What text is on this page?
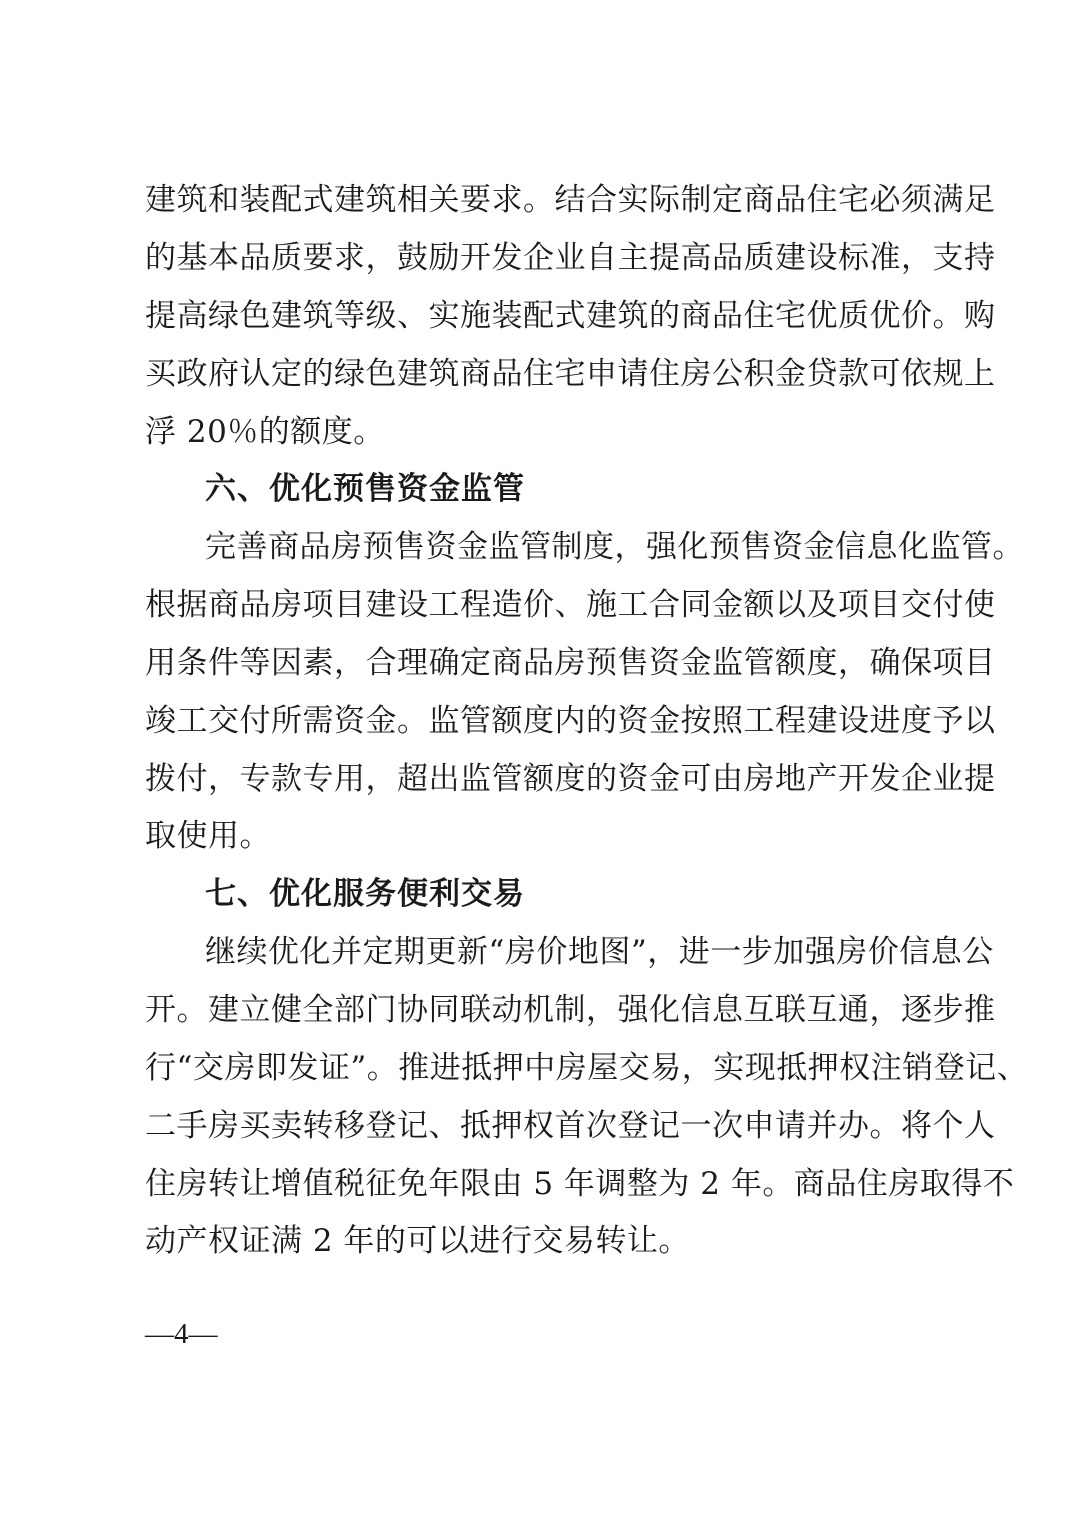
建筑和装配式建筑相关要求。结合实际制定商品住宅必须满足
的基本品质要求，鼓励开发企业自主提高品质建设标准，支持
提高绿色建筑等级、实施装配式建筑的商品住宅优质优价。购
买政府认定的绿色建筑商品住宅申请住房公积金贷款可依规上
浮 20％的额度。
六、优化预售资金监管
完善商品房预售资金监管制度，强化预售资金信息化监管。
根据商品房项目建设工程造价、施工合同金额以及项目交付使
用条件等因素，合理确定商品房预售资金监管额度，确保项目
竣工交付所需资金。监管额度内的资金按照工程建设进度予以
拨付，专款专用，超出监管额度的资金可由房地产开发企业提
取使用。
七、优化服务便利交易
继续优化并定期更新“房价地图”，进一步加强房价信息公
开。建立健全部门协同联动机制，强化信息互联互通，逐步推
行“交房即发证”。推进抵押中房屋交易，实现抵押权注销登记、
二手房买卖转移登记、抵押权首次登记一次申请并办。将个人
住房转让增值税征免年限由 5 年调整为 2 年。商品住房取得不
动产权证满 2 年的可以进行交易转让。
—4—
